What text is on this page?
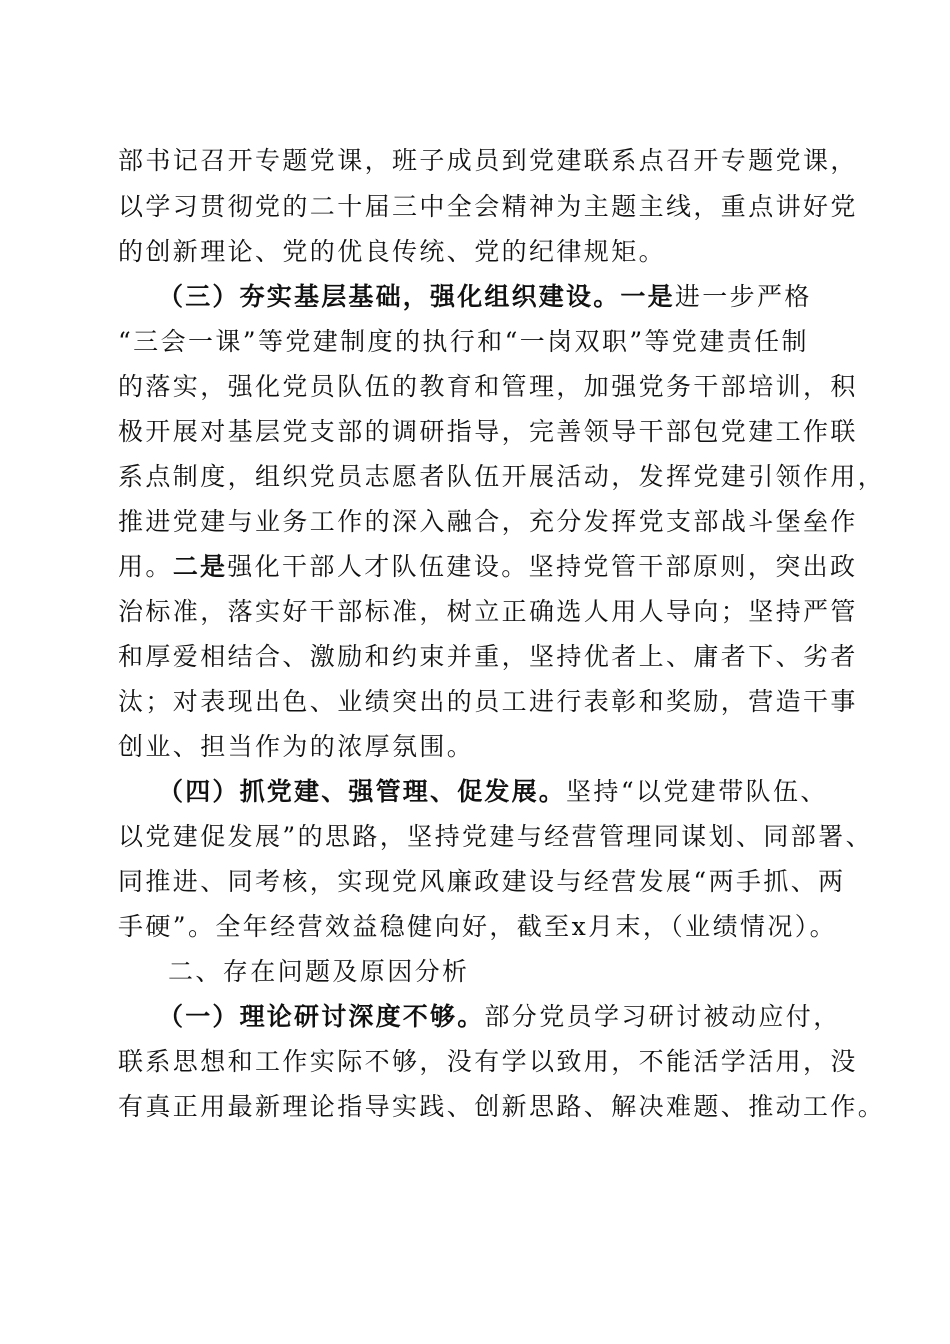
部书记召开专题党课，班子成员到党建联系点召开专题党课，
以学习贯彻党的二十届三中全会精神为主题主线，重点讲好党
的创新理论、党的优良传统、党的纪律规矩。
（三）夯实基层基础，强化组织建设。一是进一步严格
“三会一课”等党建制度的执行和“一岗双职”等党建责任制
的落实，强化党员队伍的教育和管理，加强党务干部培训，积
极开展对基层党支部的调研指导，完善领导干部包党建工作联
系点制度，组织党员志愿者队伍开展活动，发挥党建引领作用，
推进党建与业务工作的深入融合，充分发挥党支部战斗堡垒作
用。二是强化干部人才队伍建设。坚持党管干部原则，突出政
治标准，落实好干部标准，树立正确选人用人导向；坚持严管
和厚爱相结合、激励和约束并重，坚持优者上、庸者下、劣者
汰；对表现出色、业绩突出的员工进行表彰和奖励，营造干事
创业、担当作为的浓厚氛围。
（四）抓党建、强管理、促发展。坚持“以党建带队伍、
以党建促发展”的思路，坚持党建与经营管理同谋划、同部署、
同推进、同考核，实现党风廉政建设与经营发展“两手抓、两
手硬”。全年经营效益稳健向好，截至x月末，（业绩情况）。
二、存在问题及原因分析
（一）理论研讨深度不够。部分党员学习研讨被动应付，
联系思想和工作实际不够，没有学以致用，不能活学活用，没
有真正用最新理论指导实践、创新思路、解决难题、推动工作。
